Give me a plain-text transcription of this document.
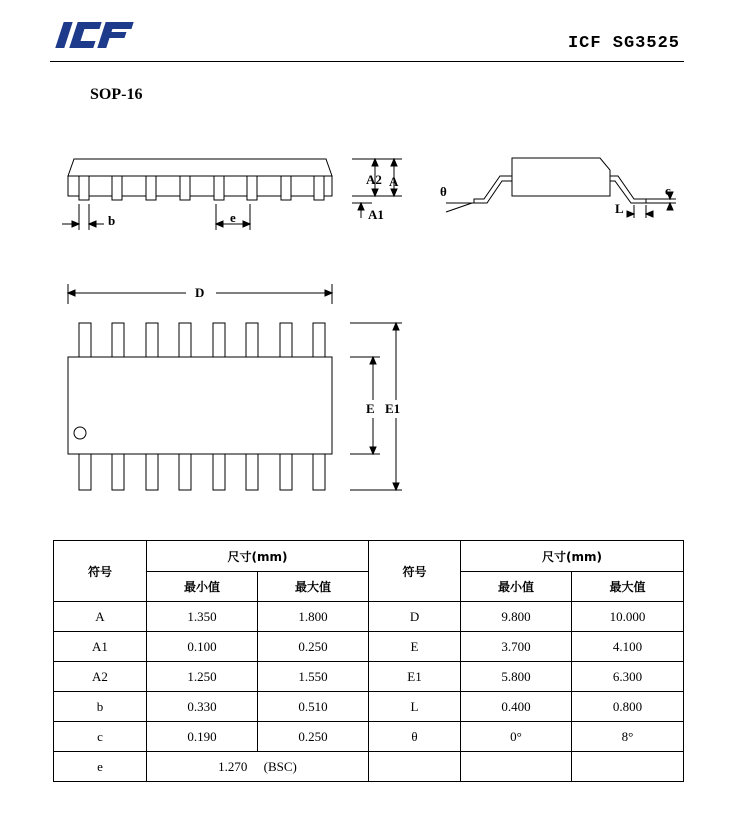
ICF SG3525
SOP-16
b	e
A2 A
A1
θ	c
L
D
E E1
符号	尺寸(mm)		符号	尺寸(mm)	
	最小值	最大值		最小值	最大值
A	1.350	1.800	D	9.800	10.000
A1	0.100	0.250	E	3.700	4.100
A2	1.250	1.550	E1	5.800	6.300
b	0.330	0.510	L	0.400	0.800
c	0.190	0.250	θ	0°	8°
e	1.270 (BSC)				
